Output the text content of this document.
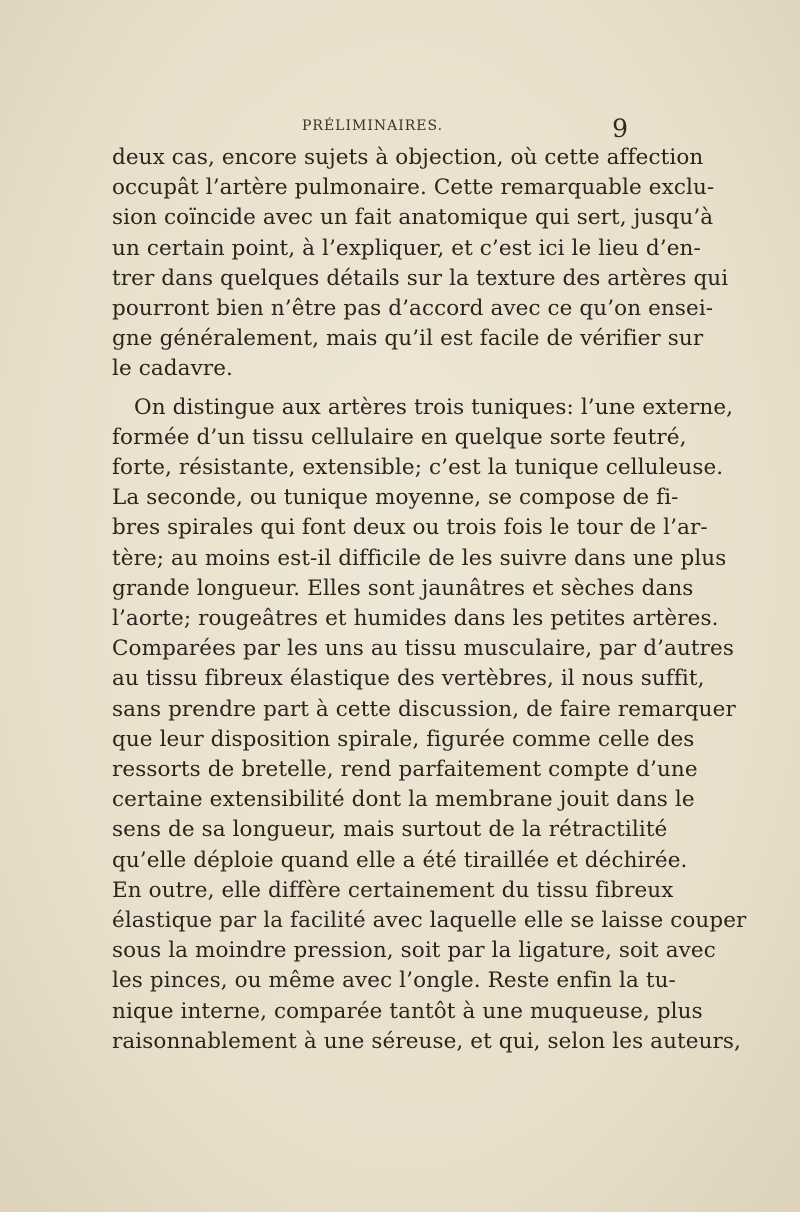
PRÉLIMINAIRES.	9

deux cas, encore sujets à objection, où cette affection
occupât l’artère pulmonaire. Cette remarquable exclu-
sion coïncide avec un fait anatomique qui sert, jusqu’à
un certain point, à l’expliquer, et c’est ici le lieu d’en-
trer dans quelques détails sur la texture des artères qui
pourront bien n’être pas d’accord avec ce qu’on ensei-
gne généralement, mais qu’il est facile de vérifier sur
le cadavre.

On distingue aux artères trois tuniques: l’une externe,
formée d’un tissu cellulaire en quelque sorte feutré,
forte, résistante, extensible; c’est la tunique celluleuse.
La seconde, ou tunique moyenne, se compose de fi-
bres spirales qui font deux ou trois fois le tour de l’ar-
tère; au moins est-il difficile de les suivre dans une plus
grande longueur. Elles sont jaunâtres et sèches dans
l’aorte; rougeâtres et humides dans les petites artères.
Comparées par les uns au tissu musculaire, par d’autres
au tissu fibreux élastique des vertèbres, il nous suffit,
sans prendre part à cette discussion, de faire remarquer
que leur disposition spirale, figurée comme celle des
ressorts de bretelle, rend parfaitement compte d’une
certaine extensibilité dont la membrane jouit dans le
sens de sa longueur, mais surtout de la rétractilité
qu’elle déploie quand elle a été tiraillée et déchirée.
En outre, elle diffère certainement du tissu fibreux
élastique par la facilité avec laquelle elle se laisse couper
sous la moindre pression, soit par la ligature, soit avec
les pinces, ou même avec l’ongle. Reste enfin la tu-
nique interne, comparée tantôt à une muqueuse, plus
raisonnablement à une séreuse, et qui, selon les auteurs,
